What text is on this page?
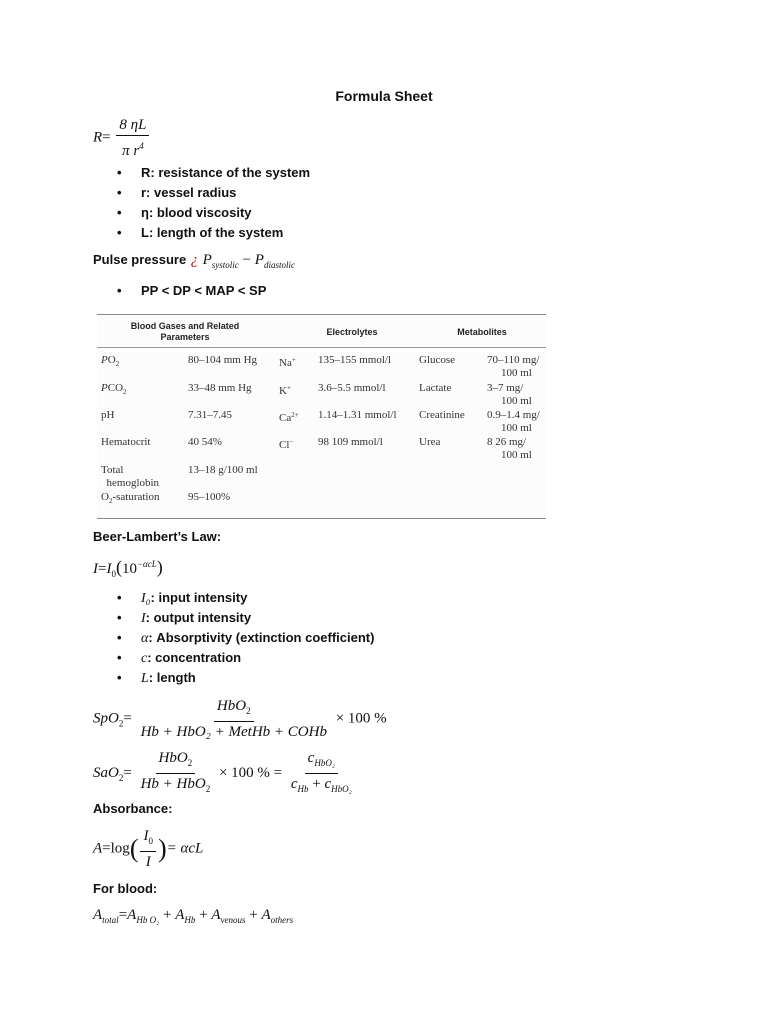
Formula Sheet
$R= \frac{8 \eta L}{\pi r^4}$
• R: resistance of the system
• r: vessel radius
• η: blood viscosity
• L: length of the system
Pulse pressure ¿ $P_{systolic} - P_{diastolic}$
• PP < DP < MAP < SP
Blood Gases and Related Parameters	Electrolytes	Metabolites
$PO_2$
$PCO_2$
pH
Hematocrit
Total
hemoglobin
$O_2$-saturation
80–104 mm Hg
33–48 mm Hg
7.31–7.45
40 54%
13–18 g/100 ml
95–100%
Na+
K+
$Ca^{2+}$
Cl−
135–155 mmol/l
3.6–5.5 mmol/l
1.14–1.31 mmol/l
98 109 mmol/l
Glucose
Lactate
Creatinine
Urea
70–110 mg/
100 ml
3–7 mg/
100 ml
0.9–1.4 mg/
100 ml
8 26 mg/
100 ml
Beer-Lambert’s Law:
$I=I_0(10^{-\alpha cL})$
• I₀: input intensity
• I: output intensity
• α: Absorptivity (extinction coefficient)
• c: concentration
• L: length
$SpO_2= \frac{HbO_2}{\text{Hb + HbO₂ + MetHb + COHb}} \times 100$ %
$SaO_2= \frac{HbO_2}{Hb + HbO_2} \times 100$ % = $\frac{c_{HbO_2}}{c_{Hb} + c_{HbO_2}}$
Absorbance:
$A=\log( \frac{I_0}{I}$ )= αcL
For blood:
$A_{total}=A_{Hb O_2} + A_{Hb} + A_{venous} + A_{others}$
